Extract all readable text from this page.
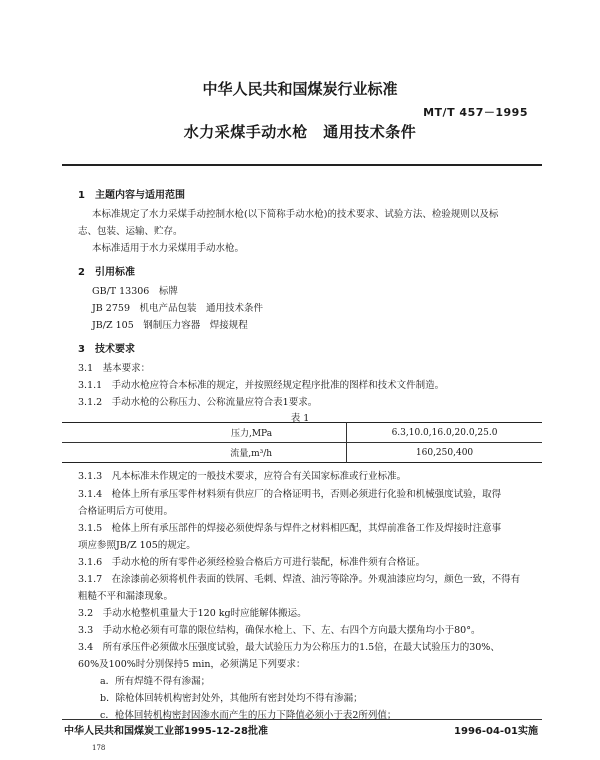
中华人民共和国煤炭行业标准
MT/T 457－1995
水力采煤手动水枪　通用技术条件
1　主题内容与适用范围
本标准规定了水力采煤手动控制水枪(以下简称手动水枪)的技术要求、试验方法、检验规则以及标
志、包装、运输、贮存。
本标准适用于水力采煤用手动水枪。
2　引用标准
GB/T 13306　标牌
JB 2759　机电产品包装　通用技术条件
JB/Z 105　钢制压力容器　焊接规程
3　技术要求
3.1　基本要求：
3.1.1　手动水枪应符合本标准的规定，并按照经规定程序批准的图样和技术文件制造。
3.1.2　手动水枪的公称压力、公称流量应符合表1要求。
表 1
压力,MPa	6.3,10.0,16.0,20.0,25.0
流量,m³/h	160,250,400
3.1.3　凡本标准未作规定的一般技术要求，应符合有关国家标准或行业标准。
3.1.4　枪体上所有承压零件材料须有供应厂的合格证明书，否则必须进行化验和机械强度试验，取得
合格证明后方可使用。
3.1.5　枪体上所有承压部件的焊接必须使焊条与焊件之材料相匹配，其焊前准备工作及焊接时注意事
项应参照JB/Z 105的规定。
3.1.6　手动水枪的所有零件必须经检验合格后方可进行装配，标准件须有合格证。
3.1.7　在涂漆前必须将机件表面的铁屑、毛刺、焊渣、油污等除净。外观油漆应均匀，颜色一致，不得有
粗糙不平和漏漆现象。
3.2　手动水枪整机重量大于120 kg时应能解体搬运。
3.3　手动水枪必须有可靠的限位结构，确保水枪上、下、左、右四个方向最大摆角均小于80°。
3.4　所有承压件必须做水压强度试验，最大试验压力为公称压力的1.5倍，在最大试验压力的30%、
60%及100%时分别保持5 min，必须满足下列要求：
a．所有焊缝不得有渗漏；
b．除枪体回转机构密封处外，其他所有密封处均不得有渗漏；
c．枪体回转机构密封因渗水而产生的压力下降值必须小于表2所列值；
中华人民共和国煤炭工业部1995-12-28批准	1996-04-01实施
178
